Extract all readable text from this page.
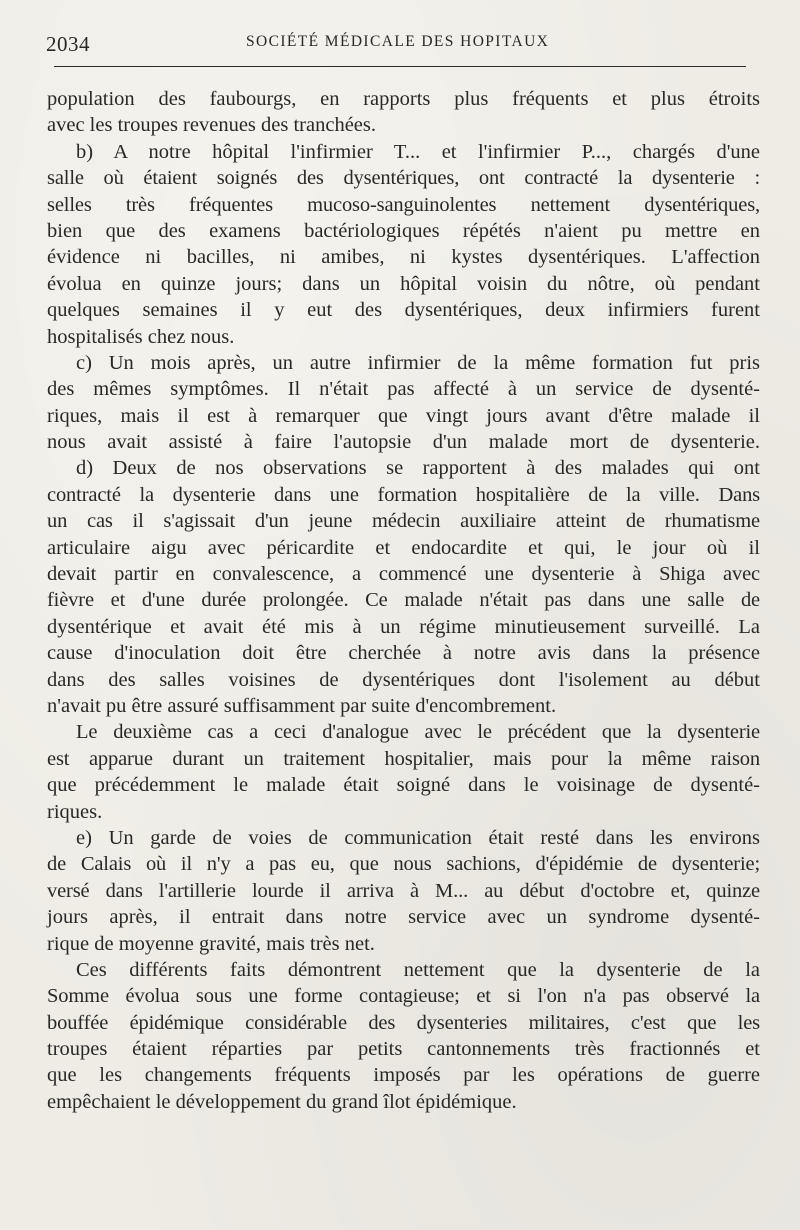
2034	SOCIÉTÉ MÉDICALE DES HOPITAUX
population des faubourgs, en rapports plus fréquents et plus étroits
avec les troupes revenues des tranchées.
b) A notre hôpital l'infirmier T... et l'infirmier P..., chargés d'une
salle où étaient soignés des dysentériques, ont contracté la dysenterie :
selles très fréquentes mucoso-sanguinolentes nettement dysentériques,
bien que des examens bactériologiques répétés n'aient pu mettre en
évidence ni bacilles, ni amibes, ni kystes dysentériques. L'affection
évolua en quinze jours; dans un hôpital voisin du nôtre, où pendant
quelques semaines il y eut des dysentériques, deux infirmiers furent
hospitalisés chez nous.
c) Un mois après, un autre infirmier de la même formation fut pris
des mêmes symptômes. Il n'était pas affecté à un service de dysenté-
riques, mais il est à remarquer que vingt jours avant d'être malade il
nous avait assisté à faire l'autopsie d'un malade mort de dysenterie.
d) Deux de nos observations se rapportent à des malades qui ont
contracté la dysenterie dans une formation hospitalière de la ville. Dans
un cas il s'agissait d'un jeune médecin auxiliaire atteint de rhumatisme
articulaire aigu avec péricardite et endocardite et qui, le jour où il
devait partir en convalescence, a commencé une dysenterie à Shiga avec
fièvre et d'une durée prolongée. Ce malade n'était pas dans une salle de
dysentérique et avait été mis à un régime minutieusement surveillé. La
cause d'inoculation doit être cherchée à notre avis dans la présence
dans des salles voisines de dysentériques dont l'isolement au début
n'avait pu être assuré suffisamment par suite d'encombrement.
Le deuxième cas a ceci d'analogue avec le précédent que la dysenterie
est apparue durant un traitement hospitalier, mais pour la même raison
que précédemment le malade était soigné dans le voisinage de dysenté-
riques.
e) Un garde de voies de communication était resté dans les environs
de Calais où il n'y a pas eu, que nous sachions, d'épidémie de dysenterie;
versé dans l'artillerie lourde il arriva à M... au début d'octobre et, quinze
jours après, il entrait dans notre service avec un syndrome dysenté-
rique de moyenne gravité, mais très net.
Ces différents faits démontrent nettement que la dysenterie de la
Somme évolua sous une forme contagieuse; et si l'on n'a pas observé la
bouffée épidémique considérable des dysenteries militaires, c'est que les
troupes étaient réparties par petits cantonnements très fractionnés et
que les changements fréquents imposés par les opérations de guerre
empêchaient le développement du grand îlot épidémique.
